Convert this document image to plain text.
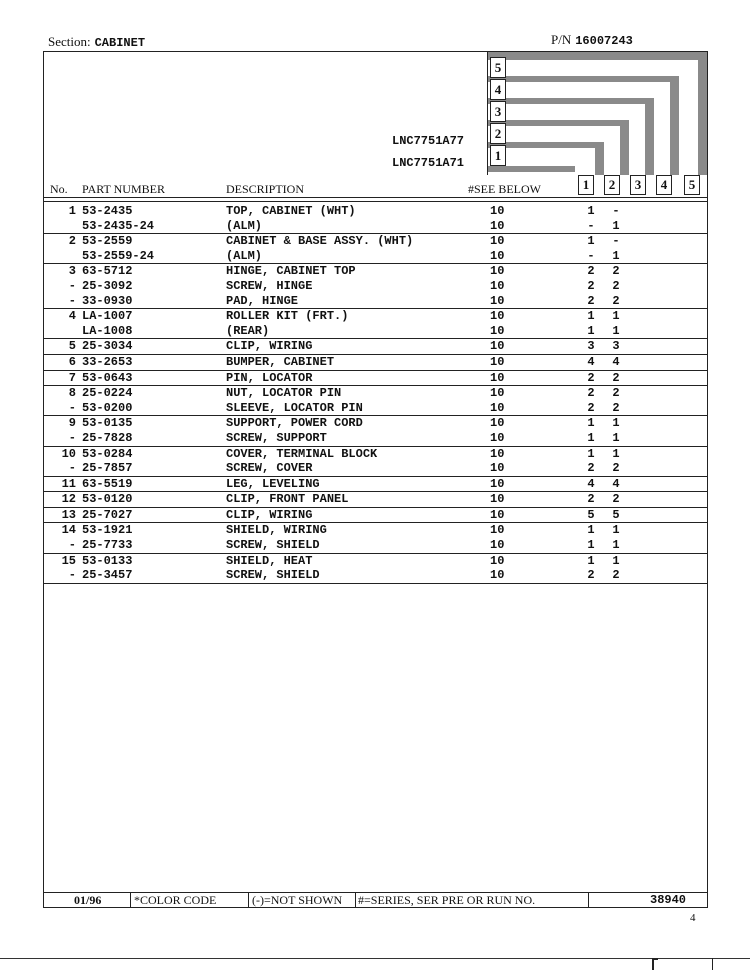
Section: CABINET	P/N 16007243
5
4
3
2
1
LNC7751A77
LNC7751A71
1	2	3	4	5
No. PART NUMBER	DESCRIPTION	#SEE BELOW
1 53-2435	TOP, CABINET (WHT)	10	1 -
53-2435-24	(ALM)	10	- 1
2 53-2559	CABINET & BASE ASSY. (WHT)	10	1 -
53-2559-24	(ALM)	10	- 1
3 63-5712	HINGE, CABINET TOP	10	2 2
- 25-3092	SCREW, HINGE	10	2 2
- 33-0930	PAD, HINGE	10	2 2
4 LA-1007	ROLLER KIT (FRT.)	10	1 1
LA-1008	(REAR)	10	1 1
5 25-3034	CLIP, WIRING	10	3 3
6 33-2653	BUMPER, CABINET	10	4 4
7 53-0643	PIN, LOCATOR	10	2 2
8 25-0224	NUT, LOCATOR PIN	10	2 2
- 53-0200	SLEEVE, LOCATOR PIN	10	2 2
9 53-0135	SUPPORT, POWER CORD	10	1 1
- 25-7828	SCREW, SUPPORT	10	1 1
10 53-0284	COVER, TERMINAL BLOCK	10	1 1
- 25-7857	SCREW, COVER	10	2 2
11 63-5519	LEG, LEVELING	10	4 4
12 53-0120	CLIP, FRONT PANEL	10	2 2
13 25-7027	CLIP, WIRING	10	5 5
14 53-1921	SHIELD, WIRING	10	1 1
- 25-7733	SCREW, SHIELD	10	1 1
15 53-0133	SHIELD, HEAT	10	1 1
- 25-3457	SCREW, SHIELD	10	2 2
01/96	*COLOR CODE	(-)=NOT SHOWN #=SERIES, SER PRE OR RUN NO.	38940
4
